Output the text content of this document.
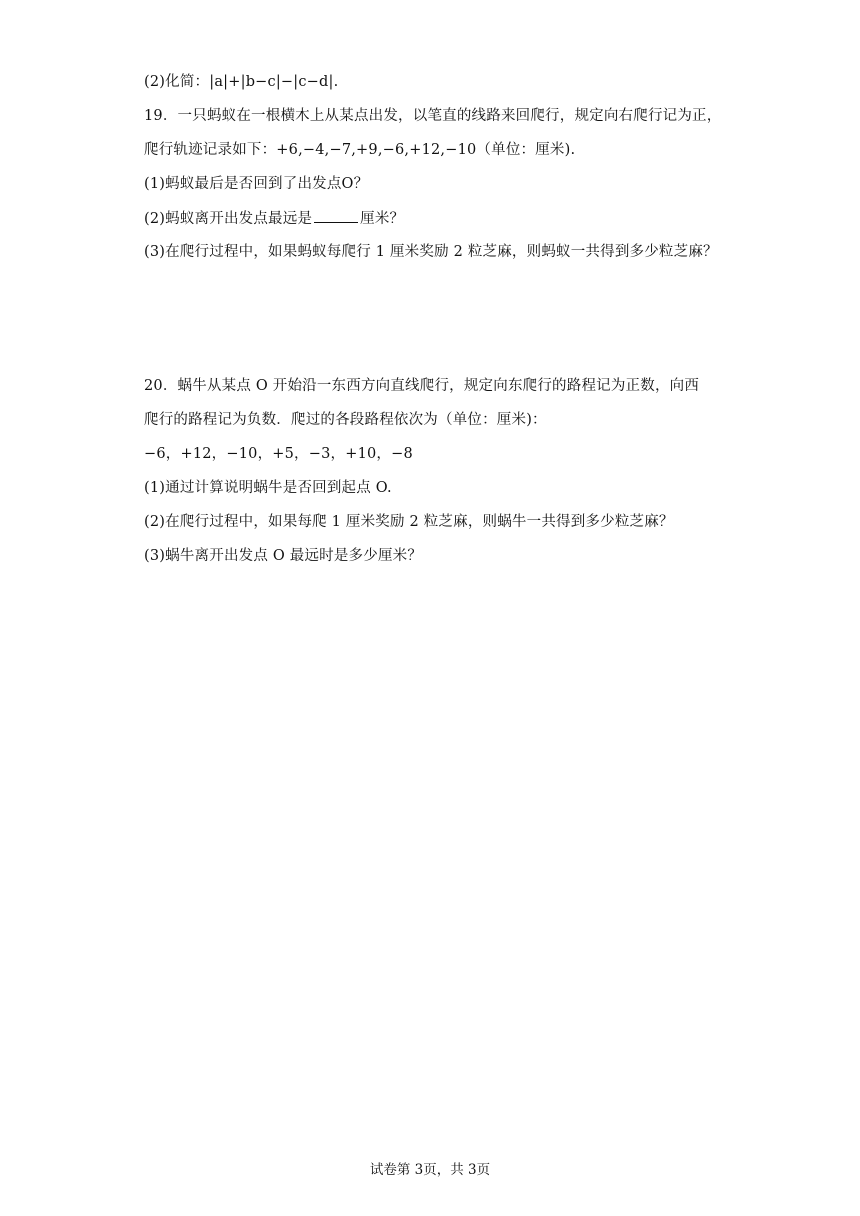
(2)化简：|a|+|b−c|−|c−d|.
19．一只蚂蚁在一根横木上从某点出发，以笔直的线路来回爬行，规定向右爬行记为正，
爬行轨迹记录如下：+6,−4,−7,+9,−6,+12,−10（单位：厘米).
(1)蚂蚁最后是否回到了出发点O？
(2)蚂蚁离开出发点最远是	厘米？
(3)在爬行过程中，如果蚂蚁每爬行 1 厘米奖励 2 粒芝麻，则蚂蚁一共得到多少粒芝麻？
20．蜗牛从某点 O 开始沿一东西方向直线爬行，规定向东爬行的路程记为正数，向西
爬行的路程记为负数．爬过的各段路程依次为（单位：厘米)：
−6，+12，−10，+5，−3，+10，−8
(1)通过计算说明蜗牛是否回到起点 O.
(2)在爬行过程中，如果每爬 1 厘米奖励 2 粒芝麻，则蜗牛一共得到多少粒芝麻？
(3)蜗牛离开出发点 O 最远时是多少厘米？
试卷第 3页，共 3页
